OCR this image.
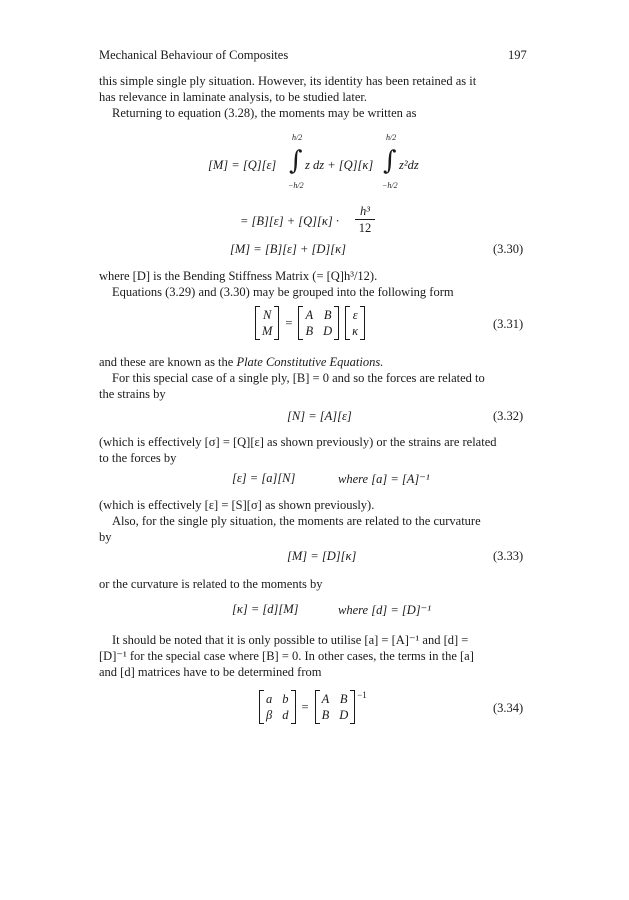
Mechanical Behaviour of Composites	197
this simple single ply situation. However, its identity has been retained as it
has relevance in laminate analysis, to be studied later.
Returning to equation (3.28), the moments may be written as
[M] = [Q][ε] ∫
h/2
−h/2
z dz + [Q][κ] ∫
h/2
−h/2
z²dz
= [B][ε] + [Q][κ] ·
h³
12
[M] = [B][ε] + [D][κ]	(3.30)
where [D] is the Bending Stiffness Matrix (= [Q]h³/12).
Equations (3.29) and (3.30) may be grouped into the following form
N
M
=
A B
B D
ε
κ	(3.31)
and these are known as the Plate Constitutive Equations.
For this special case of a single ply, [B] = 0 and so the forces are related to
the strains by
[N] = [A][ε]	(3.32)
(which is effectively [σ] = [Q][ε] as shown previously) or the strains are related
to the forces by
[ε] = [a][N]	where [a] = [A]⁻¹
(which is effectively [ε] = [S][σ] as shown previously).
Also, for the single ply situation, the moments are related to the curvature
by
[M] = [D][κ]	(3.33)
or the curvature is related to the moments by
[κ] = [d][M]	where [d] = [D]⁻¹
It should be noted that it is only possible to utilise [a] = [A]⁻¹ and [d] =
[D]⁻¹ for the special case where [B] = 0. In other cases, the terms in the [a]
and [d] matrices have to be determined from
a b
β d
=
A B
B D
−1
(3.34)
